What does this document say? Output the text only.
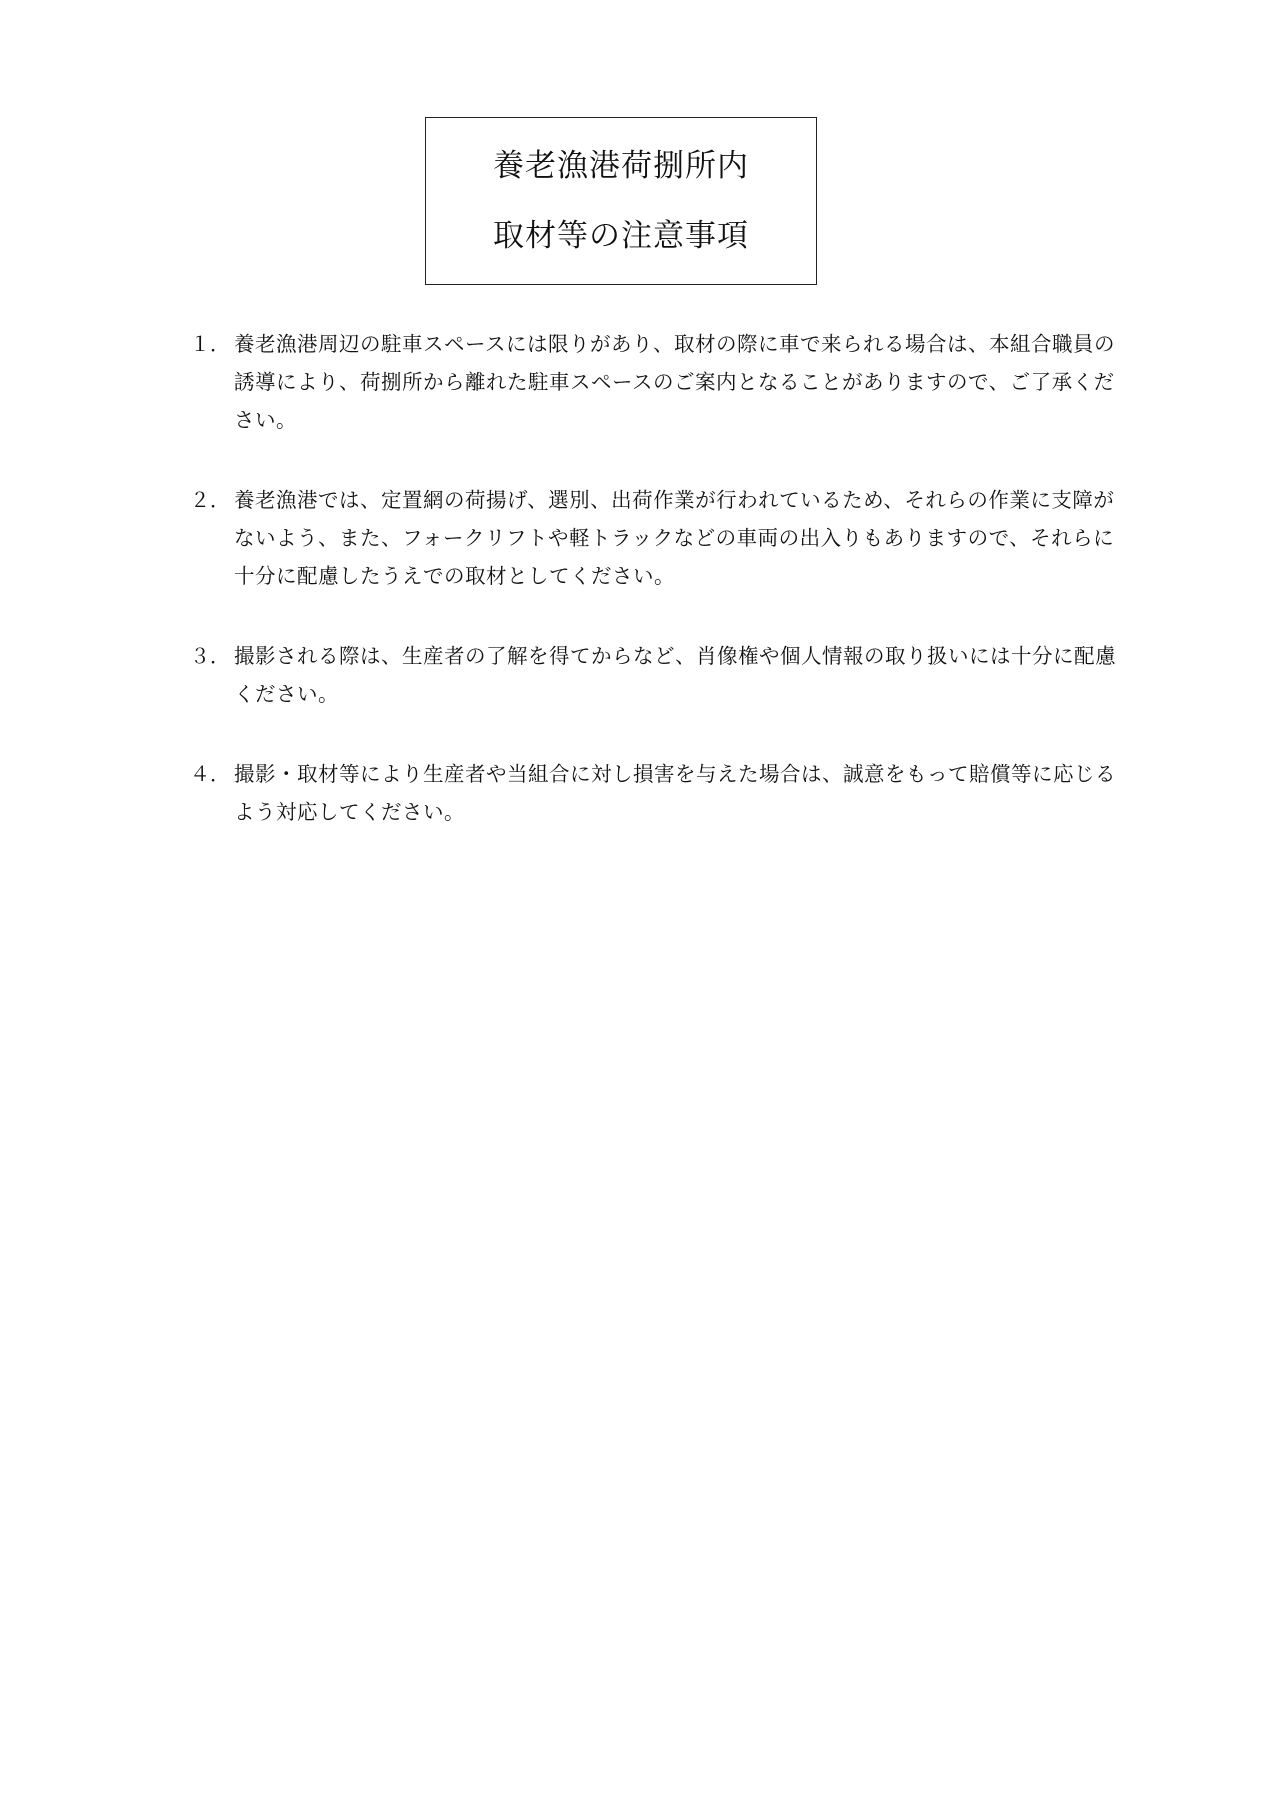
養老漁港荷捌所内
取材等の注意事項
１． 養老漁港周辺の駐車スペースには限りがあり、取材の際に車で来られる場合は、本組合職員の誘導により、荷捌所から離れた駐車スペースのご案内となることがありますので、ご了承ください。
２． 養老漁港では、定置網の荷揚げ、選別、出荷作業が行われているため、それらの作業に支障がないよう、また、フォークリフトや軽トラックなどの車両の出入りもありますので、それらに十分に配慮したうえでの取材としてください。
３． 撮影される際は、生産者の了解を得てからなど、肖像権や個人情報の取り扱いには十分に配慮ください。
４． 撮影・取材等により生産者や当組合に対し損害を与えた場合は、誠意をもって賠償等に応じるよう対応してください。
